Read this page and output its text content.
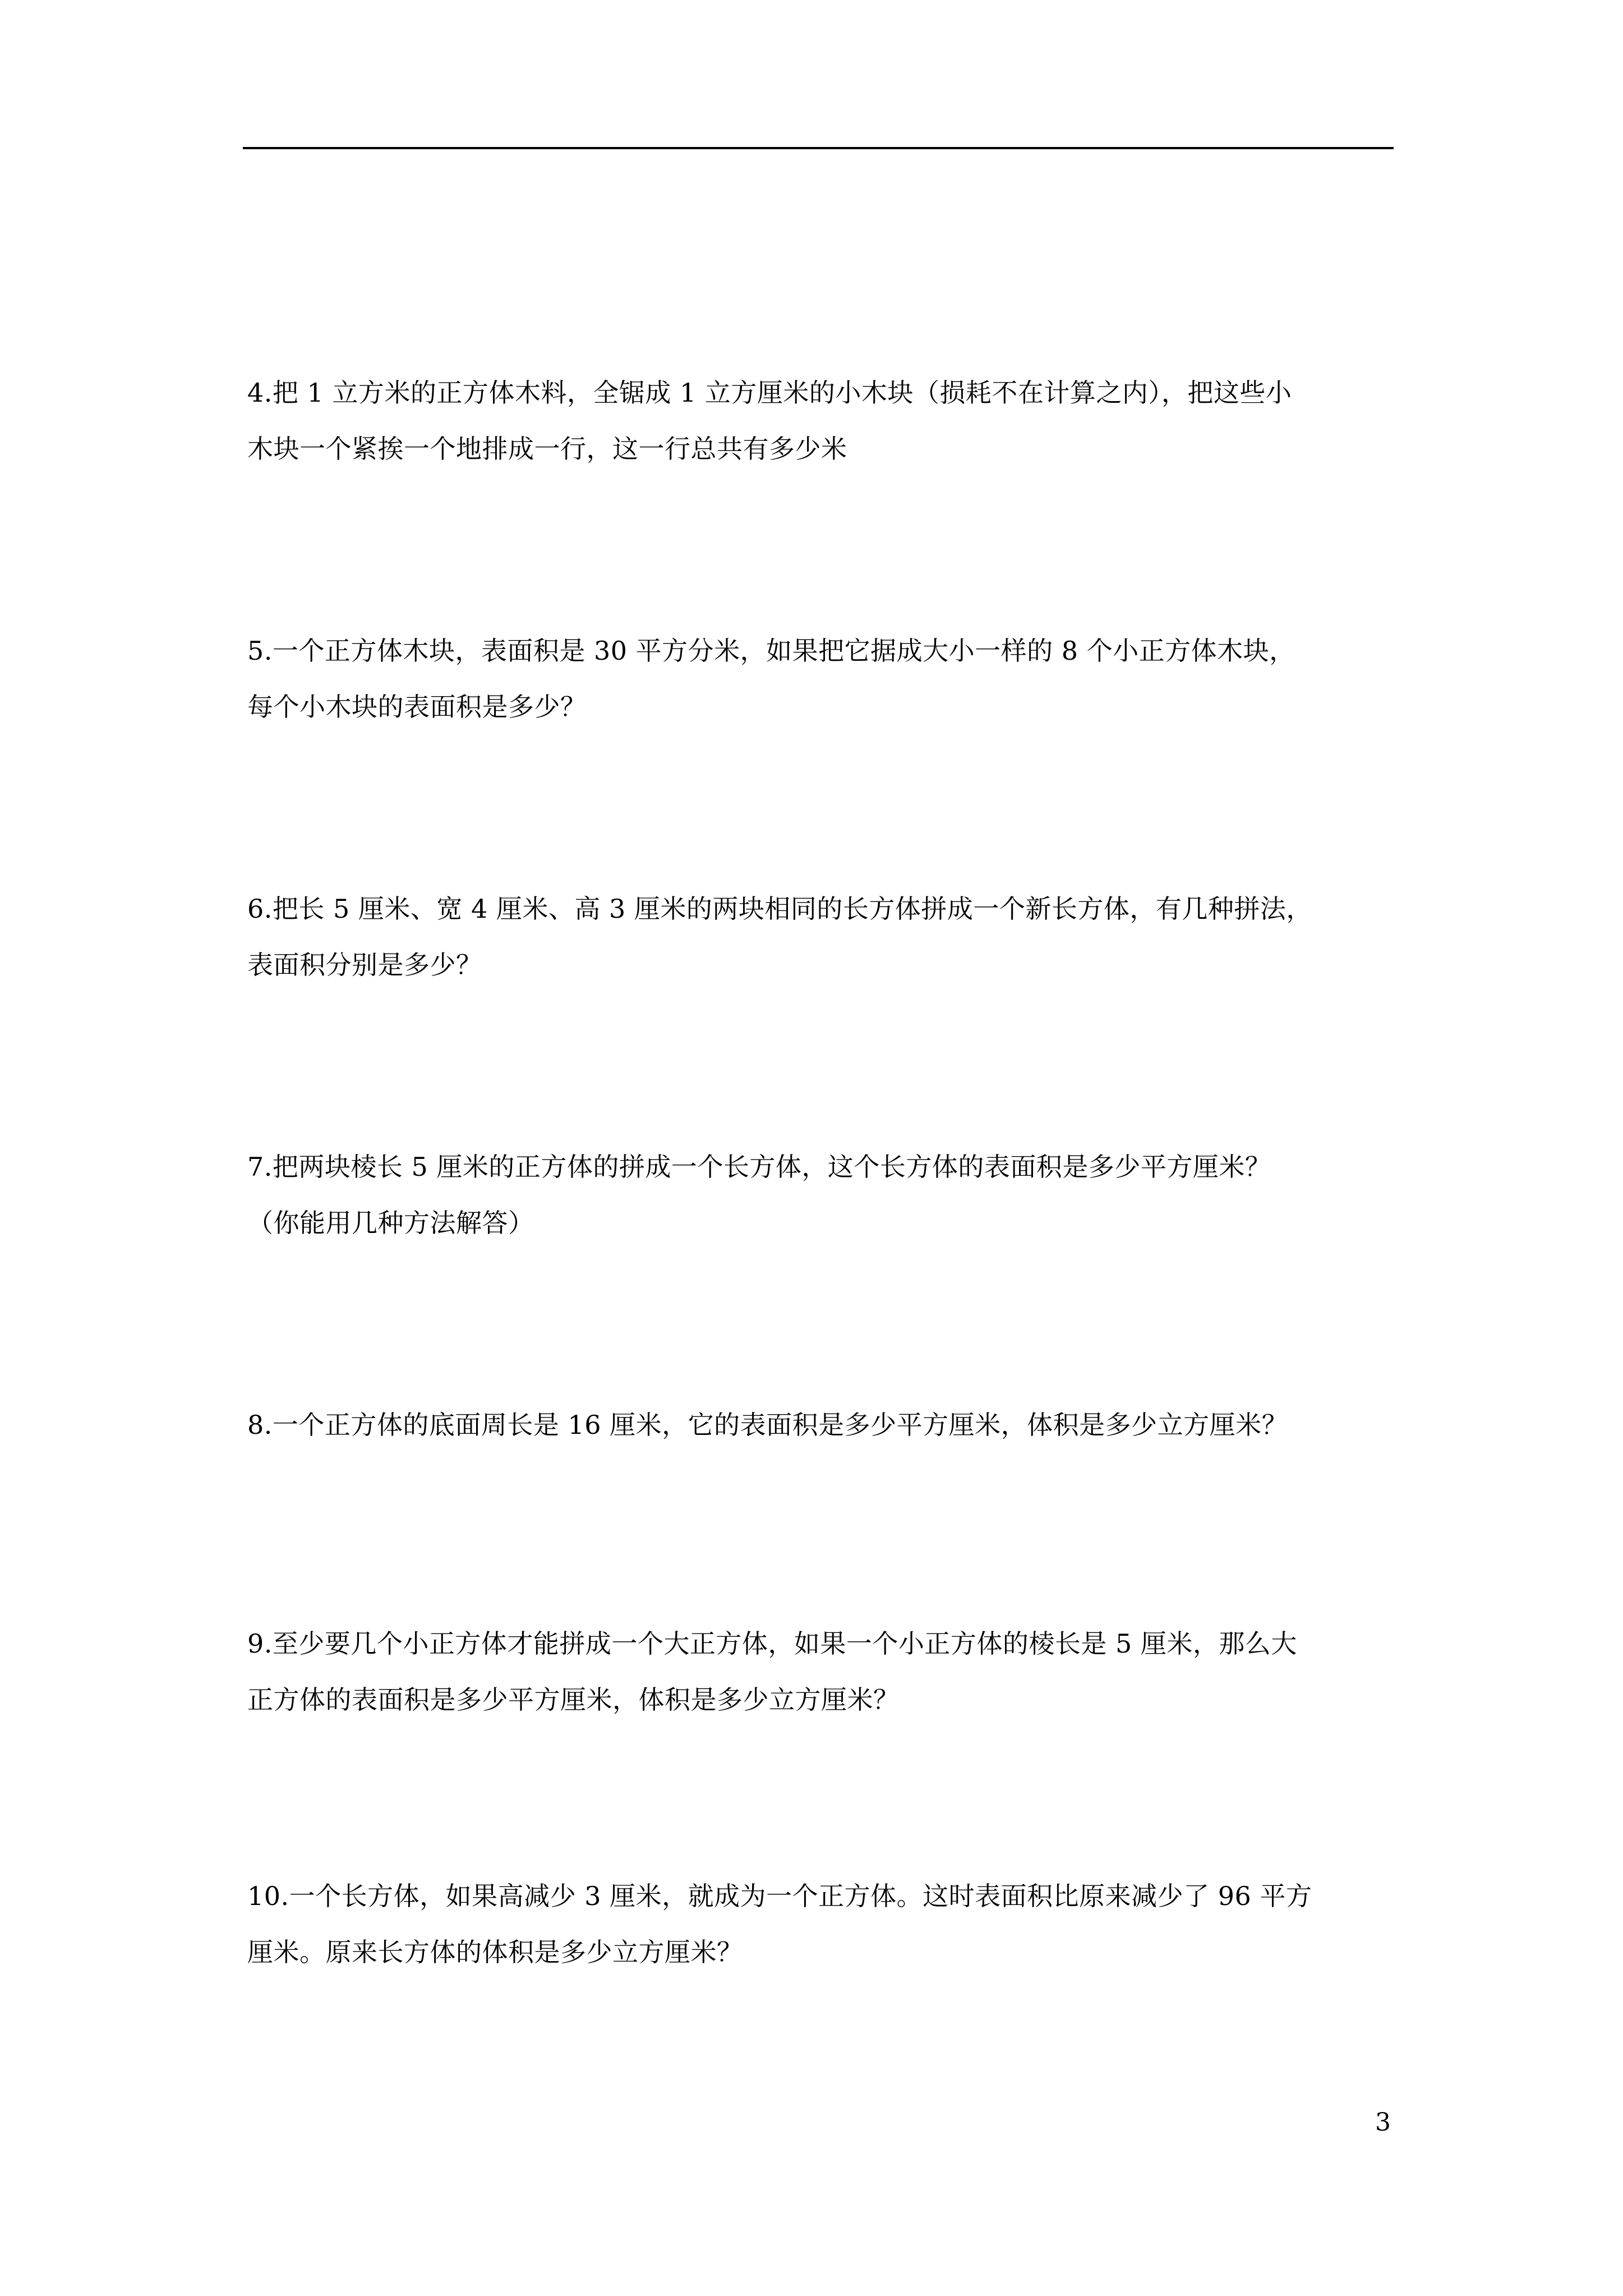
4.把 1 立方米的正方体木料，全锯成 1 立方厘米的小木块（损耗不在计算之内），把这些小
木块一个紧挨一个地排成一行，这一行总共有多少米
5.一个正方体木块，表面积是 30 平方分米，如果把它据成大小一样的 8 个小正方体木块，
每个小木块的表面积是多少？
6.把长 5 厘米、宽 4 厘米、高 3 厘米的两块相同的长方体拼成一个新长方体，有几种拼法，
表面积分别是多少？
7.把两块棱长 5 厘米的正方体的拼成一个长方体，这个长方体的表面积是多少平方厘米？
（你能用几种方法解答）
8.一个正方体的底面周长是 16 厘米，它的表面积是多少平方厘米，体积是多少立方厘米？
9.至少要几个小正方体才能拼成一个大正方体，如果一个小正方体的棱长是 5 厘米，那么大
正方体的表面积是多少平方厘米，体积是多少立方厘米？
10.一个长方体，如果高减少 3 厘米，就成为一个正方体。这时表面积比原来减少了 96 平方
厘米。原来长方体的体积是多少立方厘米？
3
